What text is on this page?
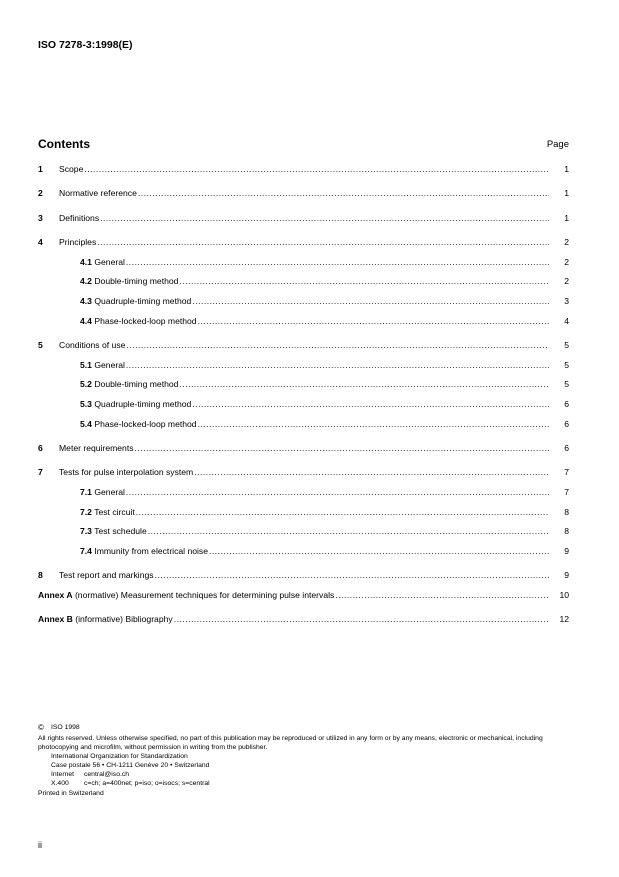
ISO 7278-3:1998(E)
Contents	Page
1	Scope .....	1
2	Normative reference .....	1
3	Definitions .....	1
4	Principles .....	2
4.1 General .....	2
4.2 Double-timing method .....	2
4.3 Quadruple-timing method .....	3
4.4 Phase-locked-loop method .....	4
5	Conditions of use .....	5
5.1 General .....	5
5.2 Double-timing method .....	5
5.3 Quadruple-timing method .....	6
5.4 Phase-locked-loop method .....	6
6	Meter requirements .....	6
7	Tests for pulse interpolation system .....	7
7.1 General .....	7
7.2 Test circuit .....	8
7.3 Test schedule .....	8
7.4 Immunity from electrical noise .....	9
8	Test report and markings .....	9
Annex A (normative) Measurement techniques for determining pulse intervals .....	10
Annex B (informative) Bibliography .....	12
©	ISO 1998
All rights reserved. Unless otherwise specified, no part of this publication may be reproduced or utilized in any form or by any means, electronic or mechanical, including photocopying and microfilm, without permission in writing from the publisher.
International Organization for Standardization
Case postale 56 • CH-1211 Genève 20 • Switzerland
Internet	central@iso.ch
X.400	c=ch; a=400net; p=iso; o=isocs; s=central
Printed in Switzerland
ii
